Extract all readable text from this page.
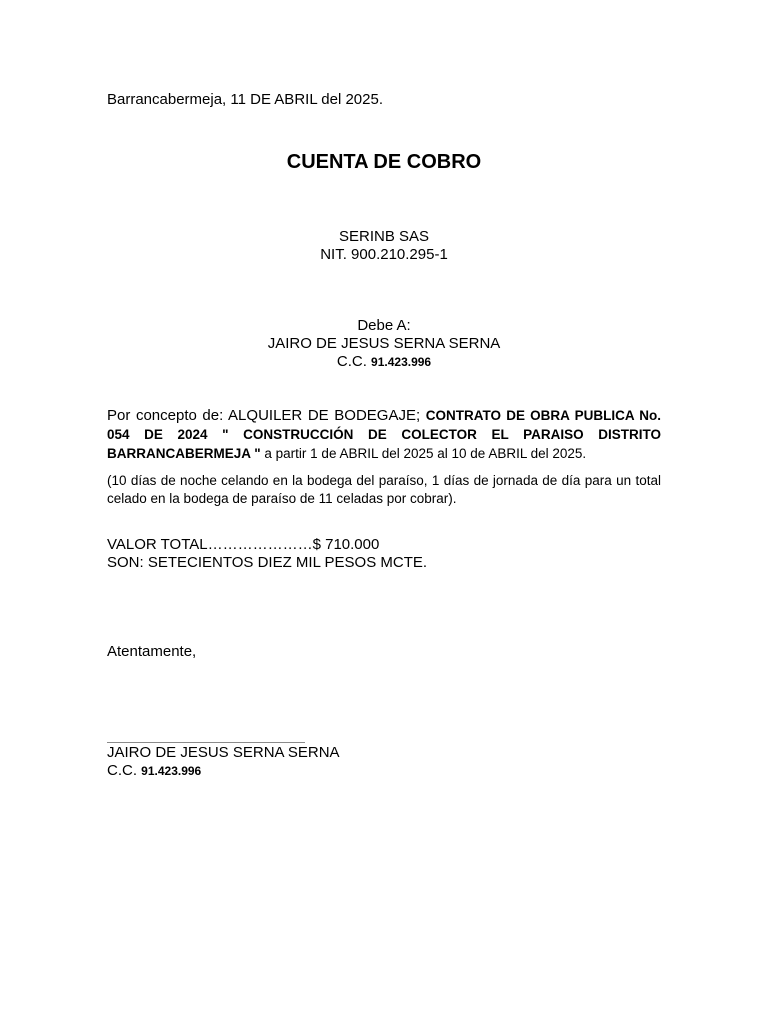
Barrancabermeja, 11 DE ABRIL del 2025.
CUENTA DE COBRO
SERINB SAS
NIT. 900.210.295-1
Debe A:
JAIRO DE JESUS SERNA SERNA
C.C. 91.423.996
Por concepto de: ALQUILER DE BODEGAJE; CONTRATO DE OBRA PUBLICA No. 054 DE 2024 " CONSTRUCCIÓN DE COLECTOR EL PARAISO DISTRITO BARRANCABERMEJA " a partir 1 de ABRIL del 2025 al 10 de ABRIL del 2025.
(10 días de noche celando en la bodega del paraíso, 1 días de jornada de día para un total celado en la bodega de paraíso de 11 celadas por cobrar).
VALOR TOTAL…………………$ 710.000
SON: SETECIENTOS DIEZ MIL PESOS MCTE.
Atentamente,
JAIRO DE JESUS SERNA SERNA
C.C. 91.423.996
